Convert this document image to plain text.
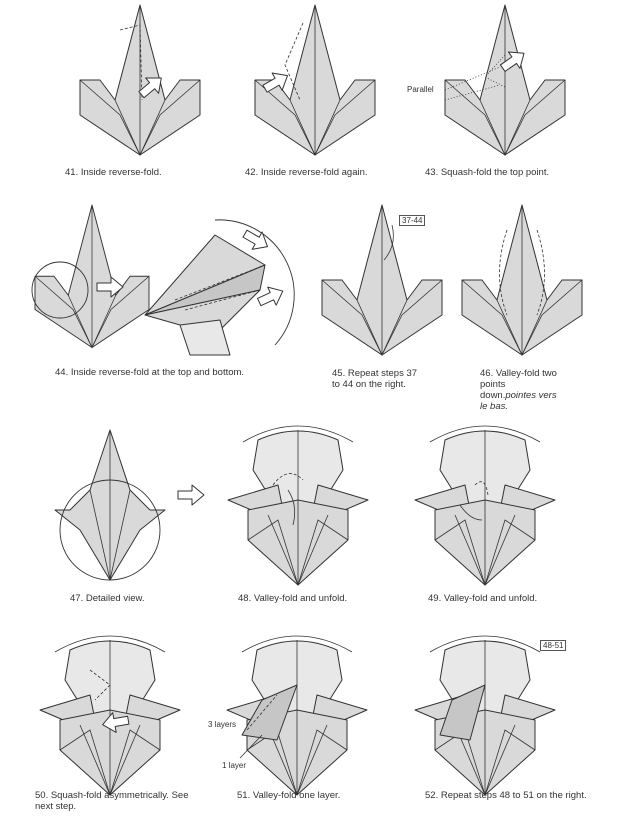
41. Inside reverse-fold.	42. Inside reverse-fold again.
Parallel
43. Squash-fold the top point.
44. Inside reverse-fold at the top and bottom.
37-44
45. Repeat steps 37
to 44 on the right.
46. Valley-fold two
points
down.pointes vers
le bas.
47. Detailed view.	48. Valley-fold and unfold.	49. Valley-fold and unfold.
50. Squash-fold asymmetrically. See
next step.
3 layers
1 layer
51. Valley-fold one layer.
48-51
52. Repeat steps 48 to 51 on the right.
